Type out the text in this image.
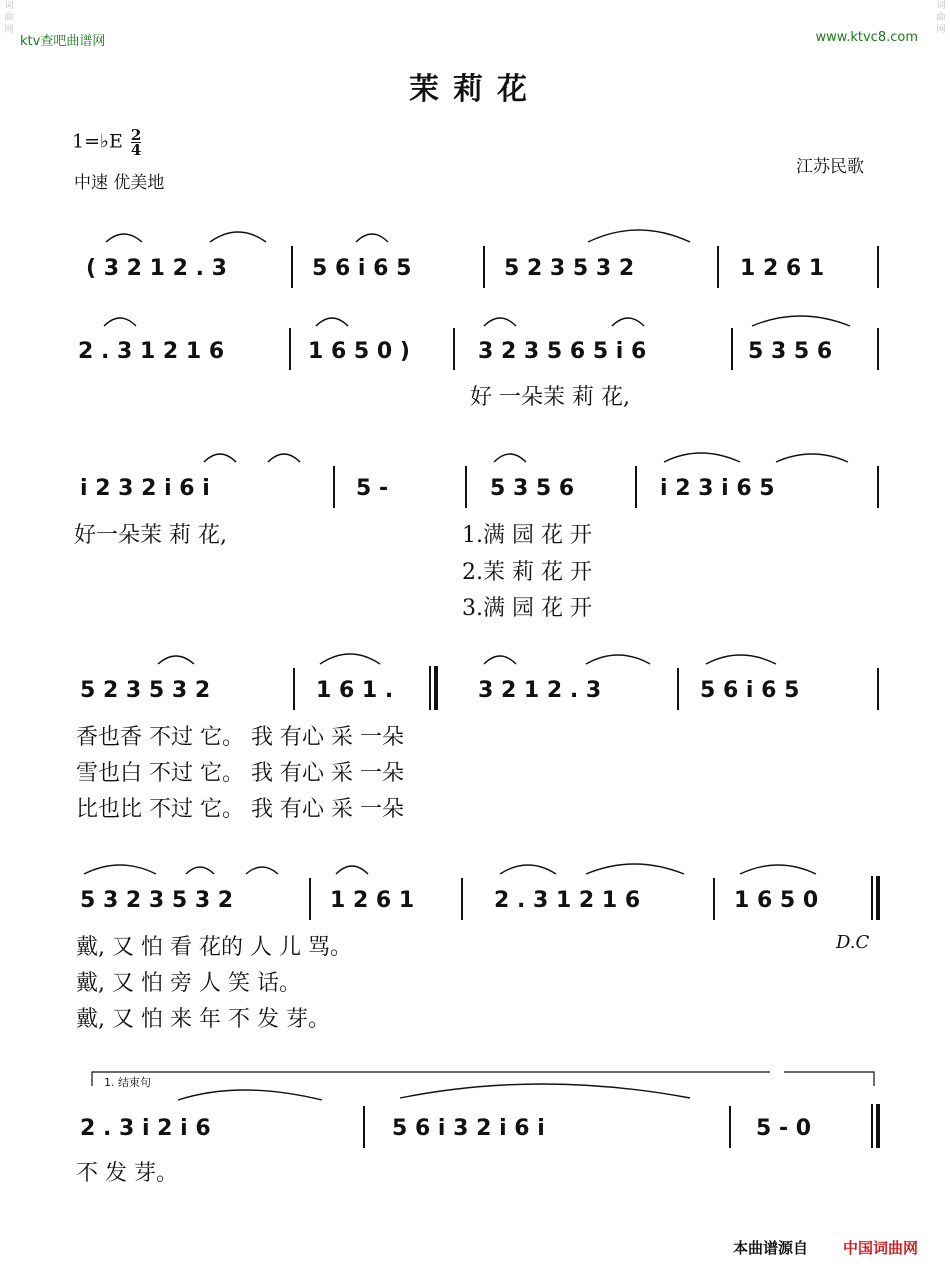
ktv查吧曲谱网	www.ktvc8.com
茉莉花
1=♭E $\frac{2}{4}$
中速 优美地
江苏民歌
( 3 2 1 2 . 3	5 6 i 6 5	5 2 3 5 3 2	1 2 6 1
2 . 3 1 2 1 6	1 6 5 0 )	3 2 3 5 6 5 i 6	5 3 5 6
好 一朵茉 莉 花,
i 2 3 2 i 6 i	5 -	5 3 5 6	i 2 3 i 6 5
好一朵茉 莉 花,	1.满 园 花 开
2.茉 莉 花 开
3.满 园 花 开
5 2 3 5 3 2	1 6 1 .	3 2 1 2 . 3	5 6 i 6 5
香也香 不过 它。 我 有心 采 一朵
雪也白 不过 它。 我 有心 采 一朵
比也比 不过 它。 我 有心 采 一朵
5 3 2 3 5 3 2	1 2 6 1	2 . 3 1 2 1 6	1 6 5 0
D.C
戴, 又 怕 看 花的 人 儿 骂。
戴, 又 怕 旁 人 笑 话。
戴, 又 怕 来 年 不 发 芽。
1. 结束句
2 . 3 i 2 i 6	5 6 i 3 2 i 6 i	5 - 0
不 发 芽。
词曲网
词曲网
本曲谱源自 中国词曲网
